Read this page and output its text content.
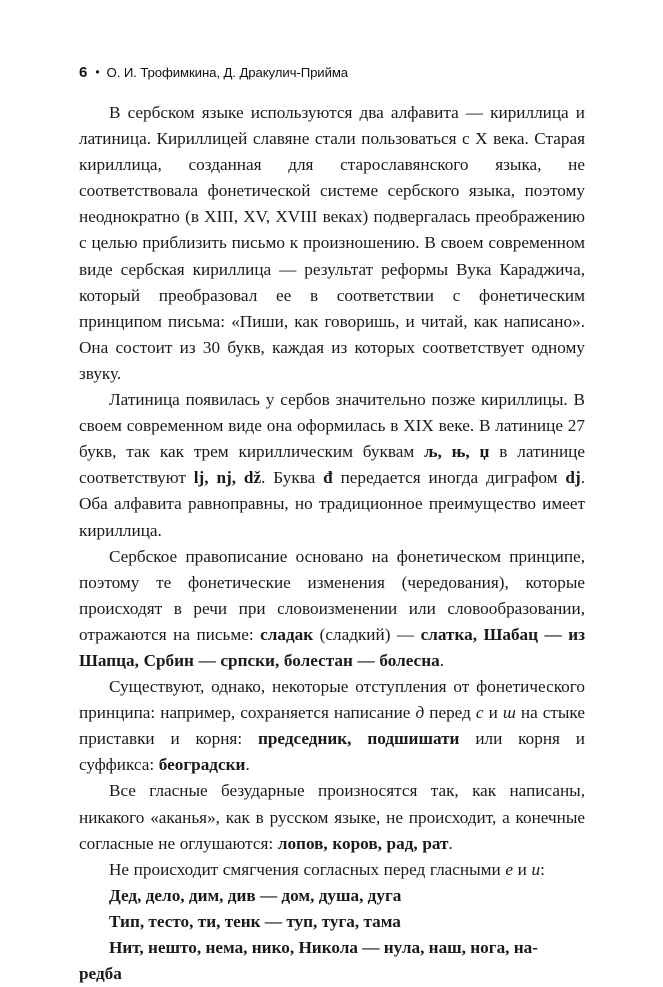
6 • О. И. Трофимкина, Д. Дракулич-Прийма

В сербском языке используются два алфавита — кириллица и латиница. Кириллицей славяне стали пользоваться с X века. Старая кириллица, созданная для старославянского языка, не соответствовала фонетической системе сербского языка, поэтому неоднократно (в XIII, XV, XVIII веках) подвергалась преображению с целью приблизить письмо к произношению. В своем современном виде сербская кириллица — результат реформы Вука Караджича, который преобразовал ее в соответствии с фонетическим принципом письма: «Пиши, как говоришь, и читай, как написано». Она состоит из 30 букв, каждая из которых соответствует одному звуку.

Латиница появилась у сербов значительно позже кириллицы. В своем современном виде она оформилась в XIX веке. В латинице 27 букв, так как трем кириллическим буквам љ, њ, џ в латинице соответствуют lj, nj, dž. Буква đ передается иногда диграфом dj. Оба алфавита равноправны, но традиционное преимущество имеет кириллица.

Сербское правописание основано на фонетическом принципе, поэтому те фонетические изменения (чередования), которые происходят в речи при словоизменении или словообразовании, отражаются на письме: сладак (сладкий) — слатка, Шабац — из Шапца, Србин — српски, болестан — болесна.

Существуют, однако, некоторые отступления от фонетического принципа: например, сохраняется написание д перед с и ш на стыке приставки и корня: председник, подшишати или корня и суффикса: београдски.

Все гласные безударные произносятся так, как написаны, никакого «аканья», как в русском языке, не происходит, а конечные согласные не оглушаются: лопов, коров, рад, рат.

Не происходит смягчения согласных перед гласными е и и:

Дед, дело, дим, див — дом, душа, дуга

Тип, тесто, ти, тенк — туп, туга, тама

Нит, нешто, нема, нико, Никола — нула, наш, нога, на-

редба
